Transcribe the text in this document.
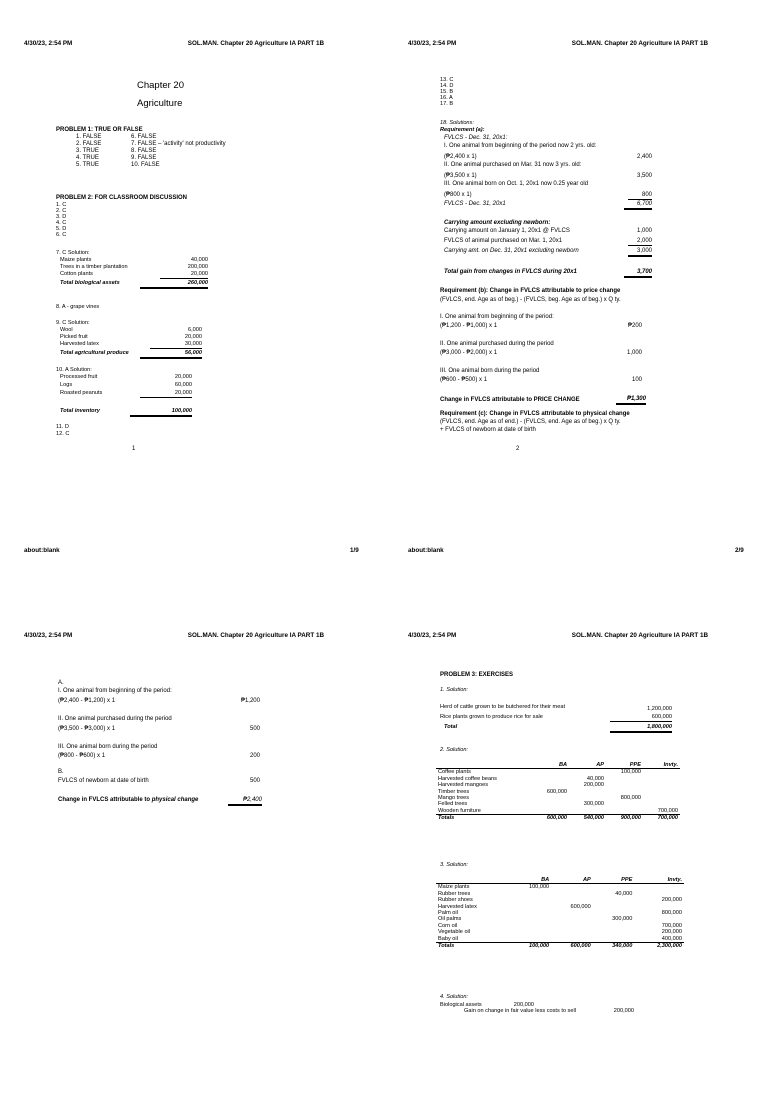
4/30/23, 2:54 PM	SOL.MAN. Chapter 20 Agriculture IA PART 1B
Chapter 20
Agriculture
PROBLEM 1: TRUE OR FALSE
1. FALSE
2. FALSE
3. TRUE
4. TRUE
5. TRUE
6. FALSE
7. FALSE – 'activity' not productivity
8. FALSE
9. FALSE
10. FALSE
PROBLEM 2: FOR CLASSROOM DISCUSSION
1. C
2. C
3. D
4. C
5. D
6. C
7. C Solution:
Maize plants	40,000
Trees in a timber plantation	200,000
Cotton plants	20,000
Total biological assets	260,000
8. A - grape vines
9. C Solution:
Wool	6,000
Picked fruit	20,000
Harvested latex	30,000
Total agricultural produce	56,000
10. A Solution:
Processed fruit	20,000
Logs	60,000
Roasted peanuts	20,000
Total inventory	100,000
11. D
12. C
1
4/30/23, 2:54 PM	SOL.MAN. Chapter 20 Agriculture IA PART 1B
13. C
14. D
15. B
16. A
17. B
18. Solutions:
Requirement (a):
FVLCS - Dec. 31, 20x1:
I. One animal from beginning of the period now 2 yrs. old:
(₱2,400 x 1)	2,400
II. One animal purchased on Mar. 31 now 3 yrs. old:
(₱3,500 x 1)	3,500
III. One animal born on Oct. 1, 20x1 now 0.25 year old
(₱800 x 1)	800
FVLCS - Dec. 31, 20x1	6,700
Carrying amount excluding newborn:
Carrying amount on January 1, 20x1 @ FVLCS	1,000
FVLCS of animal purchased on Mar. 1, 20x1	2,000
Carrying amt. on Dec. 31, 20x1 excluding newborn	3,000
Total gain from changes in FVLCS during 20x1	3,700
Requirement (b): Change in FVLCS attributable to price change
(FVLCS, end. Age as of beg.) - (FVLCS, beg. Age as of beg.) x Q ty.
I. One animal from beginning of the period:
(₱1,200 - ₱1,000) x 1	₱200
II. One animal purchased during the period
(₱3,000 - ₱2,000) x 1	1,000
III. One animal born during the period
(₱600 - ₱500) x 1	100
Change in FVLCS attributable to PRICE CHANGE	₱1,300
Requirement (c): Change in FVLCS attributable to physical change
(FVLCS, end. Age as of end.) - (FVLCS, end. Age as of beg.) x Q ty.
+ FVLCS of newborn at date of birth
2
about:blank	1/9	about:blank	2/9
4/30/23, 2:54 PM	SOL.MAN. Chapter 20 Agriculture IA PART 1B
A.
I. One animal from beginning of the period:
(₱2,400 - ₱1,200) x 1	₱1,200
II. One animal purchased during the period
(₱3,500 - ₱3,000) x 1	500
III. One animal born during the period
(₱800 - ₱600) x 1	200
B.
FVLCS of newborn at date of birth	500
Change in FVLCS attributable to physical change	₱2,400
4/30/23, 2:54 PM	SOL.MAN. Chapter 20 Agriculture IA PART 1B
PROBLEM 3: EXERCISES
1. Solution:
Herd of cattle grown to be butchered for their meat	1,200,000
Rice plants grown to produce rice for sale	600,000
Total	1,800,000
2. Solution:
	BA	AP	PPE	Invty.
Coffee plants			100,000	
Harvested coffee beans		40,000		
Harvested mangoes		200,000		
Timber trees	600,000			
Mango trees			800,000	
Felled trees		300,000		
Wooden furniture				700,000
Totals	600,000	540,000	900,000	700,000
3. Solution:
	BA	AP	PPE	Invty.
Maize plants	100,000			
Rubber trees			40,000	
Rubber shoes				200,000
Harvested latex		600,000		
Palm oil				800,000
Oil palms			300,000	
Corn oil				700,000
Vegetable oil				200,000
Baby oil				400,000
Totals	100,000	600,000	340,000	2,300,000
4. Solution:
Biological assets	200,000
Gain on change in fair value less costs to sell	200,000
